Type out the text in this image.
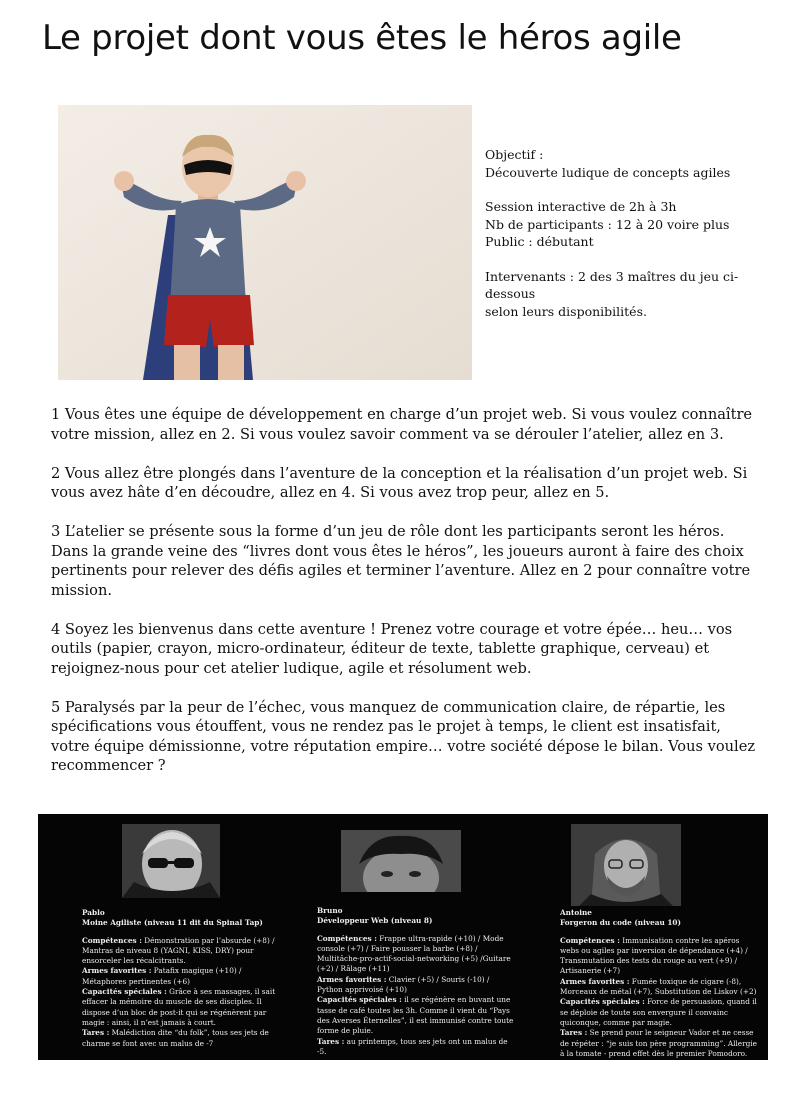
Le projet dont vous êtes le héros agile

Objectif :

Découverte ludique de concepts agiles

Session interactive de 2h à 3h

Nb de participants : 12 à 20 voire plus

Public : débutant

Intervenants : 2 des 3 maîtres du jeu ci-dessous

selon leurs disponibilités.

1 Vous êtes une équipe de développement en charge d’un projet web. Si vous voulez connaître votre mission, allez en 2. Si vous voulez savoir comment va se dérouler l’atelier, allez en 3.

2 Vous allez être plongés dans l’aventure de la conception et la réalisation d’un projet web. Si vous avez hâte d’en découdre, allez en 4. Si vous avez trop peur, allez en 5.

3 L’atelier se présente sous la forme d’un jeu de rôle dont les participants seront les héros. Dans la grande veine des “livres dont vous êtes le héros”, les joueurs auront à faire des choix pertinents pour relever des défis agiles et terminer l’aventure. Allez en 2 pour connaître votre mission.

4 Soyez les bienvenus dans cette aventure ! Prenez votre courage et votre épée… heu… vos outils (papier, crayon, micro-ordinateur, éditeur de texte, tablette graphique, cerveau) et rejoignez-nous pour cet atelier ludique, agile et résolument web.

5 Paralysés par la peur de l’échec, vous manquez de communication claire, de répartie, les spécifications vous étouffent, vous ne rendez pas le projet à temps, le client est insatisfait, votre équipe démissionne, votre réputation empire… votre société dépose le bilan. Vous voulez recommencer ?

Pablo
Moine Agiliste (niveau 11 dit du Spinal Tap)

Compétences : Démonstration par l’absurde (+8) / Mantras de niveau 8 (YAGNI, KISS, DRY) pour ensorceler les récalcitrants.

Armes favorites : Patafix magique (+10) / Métaphores pertinentes (+6)

Capacités spéciales : Grâce à ses massages, il sait effacer la mémoire du muscle de ses disciples. Il dispose d’un bloc de post-it qui se régénèrent par magie : ainsi, il n’est jamais à court.

Tares : Malédiction dite “du folk”, tous ses jets de charme se font avec un malus de -7

Bruno
Développeur Web (niveau 8)

Compétences : Frappe ultra-rapide (+10) / Mode console (+7) / Faire pousser la barbe (+8) / Multitâche-pro-actif-social-networking (+5) /Guitare (+2) / Râlage (+11)

Armes favorites : Clavier (+5) / Souris (-10) / Python apprivoisé (+10)

Capacités spéciales : il se régénère en buvant une tasse de café toutes les 3h. Comme il vient du “Pays des Averses Éternelles”, il est immunisé contre toute forme de pluie.

Tares : au printemps, tous ses jets ont un malus de -5.

Antoine
Forgeron du code (niveau 10)

Compétences : Immunisation contre les apéros webs ou agiles par inversion de dépendance (+4) / Transmutation des tests du rouge au vert (+9) / Artisanerie (+7)

Armes favorites : Fumée toxique de cigare (-8), Morceaux de métal (+7), Substitution de Liskov (+2)

Capacités spéciales : Force de persuasion, quand il se déploie de toute son envergure il convainc quiconque, comme par magie.

Tares : Se prend pour le seigneur Vador et ne cesse de répéter : “je suis ton père programming”. Allergie à la tomate - prend effet dès le premier Pomodoro.
